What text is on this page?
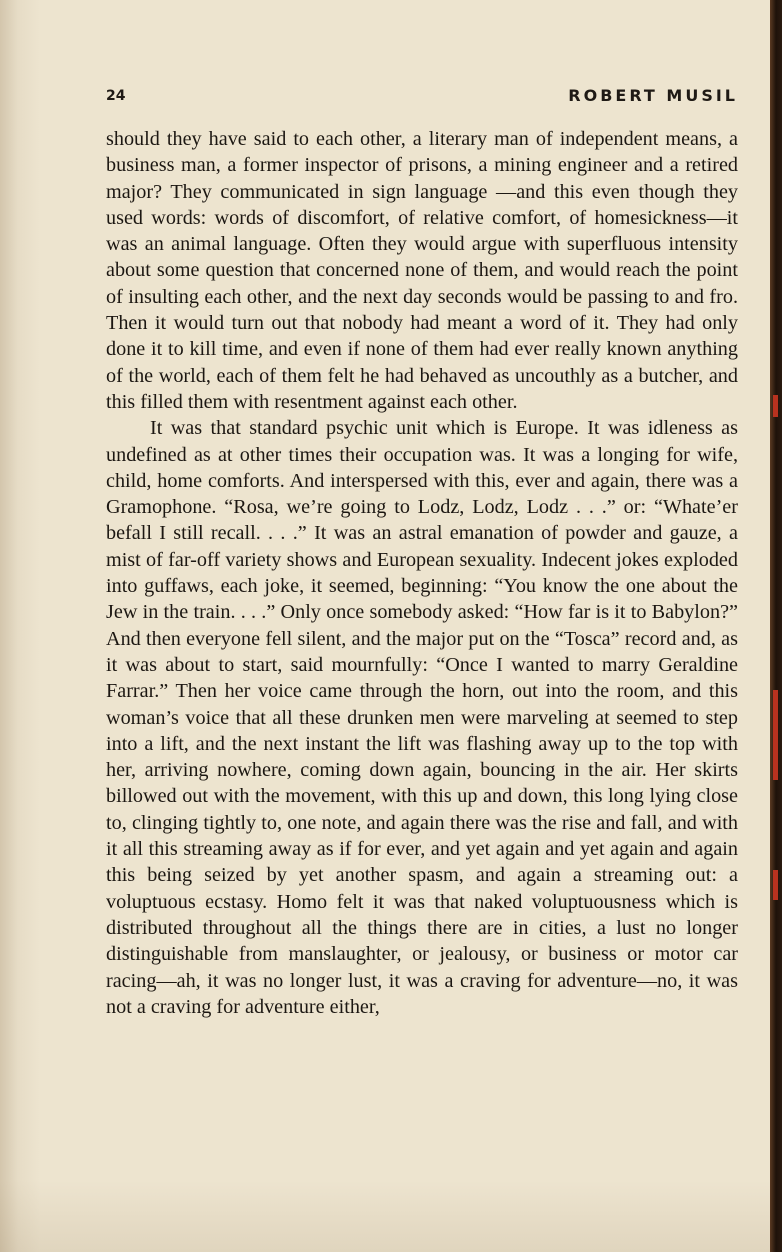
24	ROBERT MUSIL

should they have said to each other, a literary man of independent means, a business man, a former inspector of prisons, a mining engineer and a retired major? They communicated in sign language —and this even though they used words: words of discomfort, of relative comfort, of homesickness—it was an animal language. Often they would argue with superfluous intensity about some question that concerned none of them, and would reach the point of insulting each other, and the next day seconds would be passing to and fro. Then it would turn out that nobody had meant a word of it. They had only done it to kill time, and even if none of them had ever really known anything of the world, each of them felt he had behaved as uncouthly as a butcher, and this filled them with resentment against each other.

It was that standard psychic unit which is Europe. It was idleness as undefined as at other times their occupation was. It was a longing for wife, child, home comforts. And interspersed with this, ever and again, there was a Gramophone. “Rosa, we’re going to Lodz, Lodz, Lodz . . .” or: “Whate’er befall I still recall. . . .” It was an astral emanation of powder and gauze, a mist of far-off variety shows and European sexuality. Indecent jokes exploded into guffaws, each joke, it seemed, beginning: “You know the one about the Jew in the train. . . .” Only once somebody asked: “How far is it to Babylon?” And then everyone fell silent, and the major put on the “Tosca” record and, as it was about to start, said mournfully: “Once I wanted to marry Geraldine Farrar.” Then her voice came through the horn, out into the room, and this woman’s voice that all these drunken men were marveling at seemed to step into a lift, and the next instant the lift was flashing away up to the top with her, arriving nowhere, coming down again, bouncing in the air. Her skirts billowed out with the movement, with this up and down, this long lying close to, clinging tightly to, one note, and again there was the rise and fall, and with it all this streaming away as if for ever, and yet again and yet again and again this being seized by yet another spasm, and again a streaming out: a voluptuous ecstasy. Homo felt it was that naked voluptuousness which is distributed throughout all the things there are in cities, a lust no longer distinguishable from manslaughter, or jealousy, or business or motor car racing—ah, it was no longer lust, it was a craving for adventure—no, it was not a craving for adventure either,
